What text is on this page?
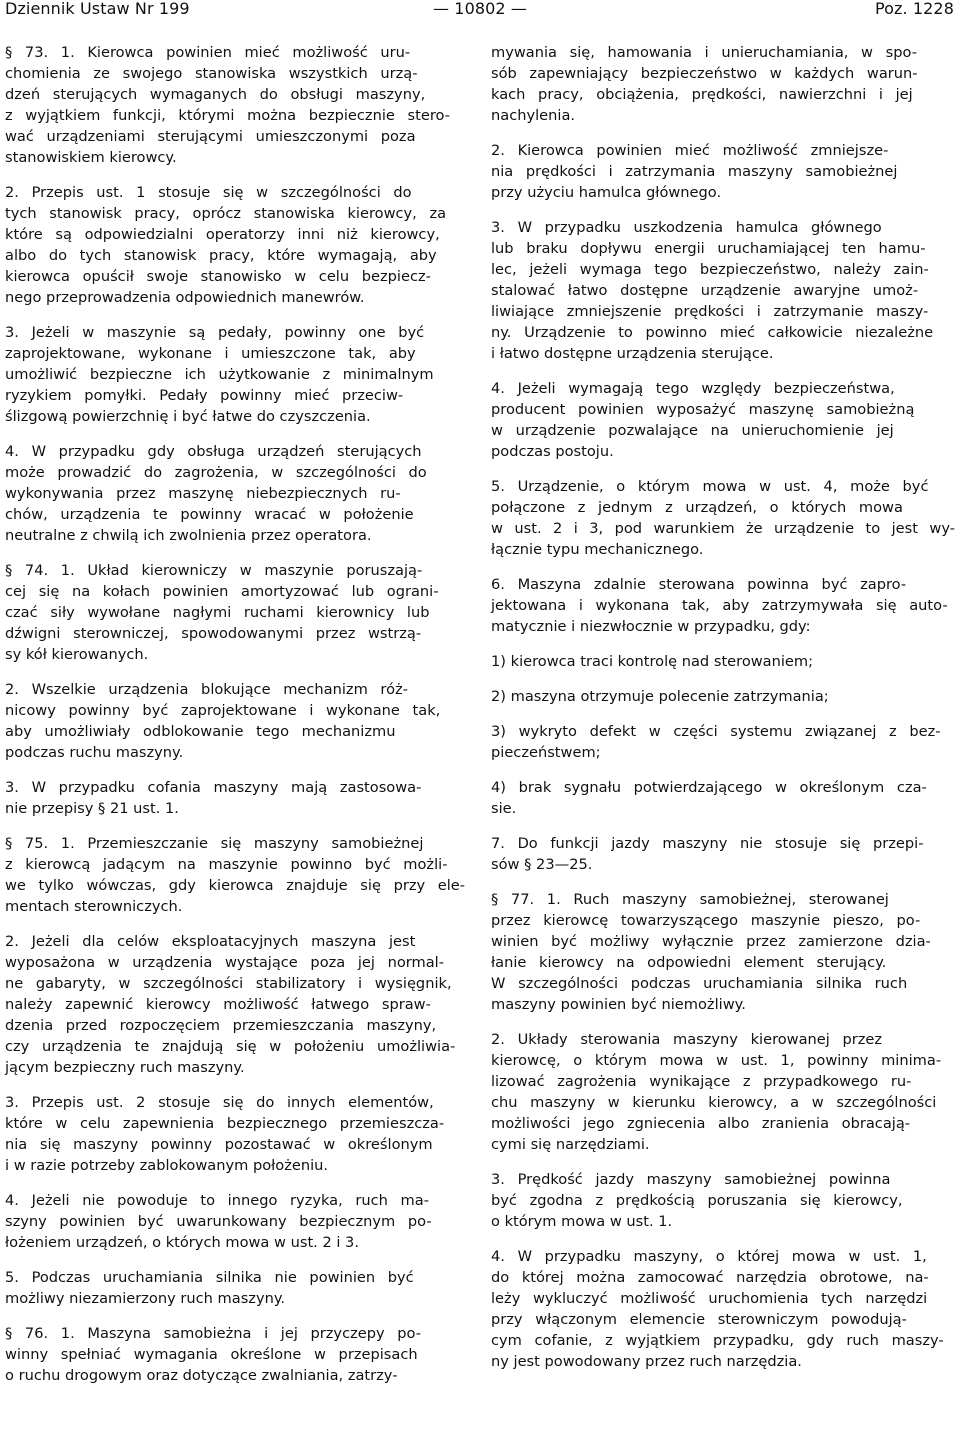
Dziennik Ustaw Nr 199	— 10802 —	Poz. 1228
§ 73. 1. Kierowca powinien mieć możliwość uru-
chomienia ze swojego stanowiska wszystkich urzą-
dzeń sterujących wymaganych do obsługi maszyny,
z wyjątkiem funkcji, którymi można bezpiecznie stero-
wać urządzeniami sterującymi umieszczonymi poza
stanowiskiem kierowcy.
2. Przepis ust. 1 stosuje się w szczególności do
tych stanowisk pracy, oprócz stanowiska kierowcy, za
które są odpowiedzialni operatorzy inni niż kierowcy,
albo do tych stanowisk pracy, które wymagają, aby
kierowca opuścił swoje stanowisko w celu bezpiecz-
nego przeprowadzenia odpowiednich manewrów.
3. Jeżeli w maszynie są pedały, powinny one być
zaprojektowane, wykonane i umieszczone tak, aby
umożliwić bezpieczne ich użytkowanie z minimalnym
ryzykiem pomyłki. Pedały powinny mieć przeciw-
ślizgową powierzchnię i być łatwe do czyszczenia.
4. W przypadku gdy obsługa urządzeń sterujących
może prowadzić do zagrożenia, w szczególności do
wykonywania przez maszynę niebezpiecznych ru-
chów, urządzenia te powinny wracać w położenie
neutralne z chwilą ich zwolnienia przez operatora.
§ 74. 1. Układ kierowniczy w maszynie poruszają-
cej się na kołach powinien amortyzować lub ograni-
czać siły wywołane nagłymi ruchami kierownicy lub
dźwigni sterowniczej, spowodowanymi przez wstrzą-
sy kół kierowanych.
2. Wszelkie urządzenia blokujące mechanizm róż-
nicowy powinny być zaprojektowane i wykonane tak,
aby umożliwiały odblokowanie tego mechanizmu
podczas ruchu maszyny.
3. W przypadku cofania maszyny mają zastosowa-
nie przepisy § 21 ust. 1.
§ 75. 1. Przemieszczanie się maszyny samobieżnej
z kierowcą jadącym na maszynie powinno być możli-
we tylko wówczas, gdy kierowca znajduje się przy ele-
mentach sterowniczych.
2. Jeżeli dla celów eksploatacyjnych maszyna jest
wyposażona w urządzenia wystające poza jej normal-
ne gabaryty, w szczególności stabilizatory i wysięgnik,
należy zapewnić kierowcy możliwość łatwego spraw-
dzenia przed rozpoczęciem przemieszczania maszyny,
czy urządzenia te znajdują się w położeniu umożliwia-
jącym bezpieczny ruch maszyny.
3. Przepis ust. 2 stosuje się do innych elementów,
które w celu zapewnienia bezpiecznego przemieszcza-
nia się maszyny powinny pozostawać w określonym
i w razie potrzeby zablokowanym położeniu.
4. Jeżeli nie powoduje to innego ryzyka, ruch ma-
szyny powinien być uwarunkowany bezpiecznym po-
łożeniem urządzeń, o których mowa w ust. 2 i 3.
5. Podczas uruchamiania silnika nie powinien być
możliwy niezamierzony ruch maszyny.
§ 76. 1. Maszyna samobieżna i jej przyczepy po-
winny spełniać wymagania określone w przepisach
o ruchu drogowym oraz dotyczące zwalniania, zatrzy-
mywania się, hamowania i unieruchamiania, w spo-
sób zapewniający bezpieczeństwo w każdych warun-
kach pracy, obciążenia, prędkości, nawierzchni i jej
nachylenia.
2. Kierowca powinien mieć możliwość zmniejsze-
nia prędkości i zatrzymania maszyny samobieżnej
przy użyciu hamulca głównego.
3. W przypadku uszkodzenia hamulca głównego
lub braku dopływu energii uruchamiającej ten hamu-
lec, jeżeli wymaga tego bezpieczeństwo, należy zain-
stalować łatwo dostępne urządzenie awaryjne umoż-
liwiające zmniejszenie prędkości i zatrzymanie maszy-
ny. Urządzenie to powinno mieć całkowicie niezależne
i łatwo dostępne urządzenia sterujące.
4. Jeżeli wymagają tego względy bezpieczeństwa,
producent powinien wyposażyć maszynę samobieżną
w urządzenie pozwalające na unieruchomienie jej
podczas postoju.
5. Urządzenie, o którym mowa w ust. 4, może być
połączone z jednym z urządzeń, o których mowa
w ust. 2 i 3, pod warunkiem że urządzenie to jest wy-
łącznie typu mechanicznego.
6. Maszyna zdalnie sterowana powinna być zapro-
jektowana i wykonana tak, aby zatrzymywała się auto-
matycznie i niezwłocznie w przypadku, gdy:
1) kierowca traci kontrolę nad sterowaniem;
2) maszyna otrzymuje polecenie zatrzymania;
3) wykryto defekt w części systemu związanej z bez-
pieczeństwem;
4) brak sygnału potwierdzającego w określonym cza-
sie.
7. Do funkcji jazdy maszyny nie stosuje się przepi-
sów § 23—25.
§ 77. 1. Ruch maszyny samobieżnej, sterowanej
przez kierowcę towarzyszącego maszynie pieszo, po-
winien być możliwy wyłącznie przez zamierzone dzia-
łanie kierowcy na odpowiedni element sterujący.
W szczególności podczas uruchamiania silnika ruch
maszyny powinien być niemożliwy.
2. Układy sterowania maszyny kierowanej przez
kierowcę, o którym mowa w ust. 1, powinny minima-
lizować zagrożenia wynikające z przypadkowego ru-
chu maszyny w kierunku kierowcy, a w szczególności
możliwości jego zgniecenia albo zranienia obracają-
cymi się narzędziami.
3. Prędkość jazdy maszyny samobieżnej powinna
być zgodna z prędkością poruszania się kierowcy,
o którym mowa w ust. 1.
4. W przypadku maszyny, o której mowa w ust. 1,
do której można zamocować narzędzia obrotowe, na-
leży wykluczyć możliwość uruchomienia tych narzędzi
przy włączonym elemencie sterowniczym powodują-
cym cofanie, z wyjątkiem przypadku, gdy ruch maszy-
ny jest powodowany przez ruch narzędzia.
